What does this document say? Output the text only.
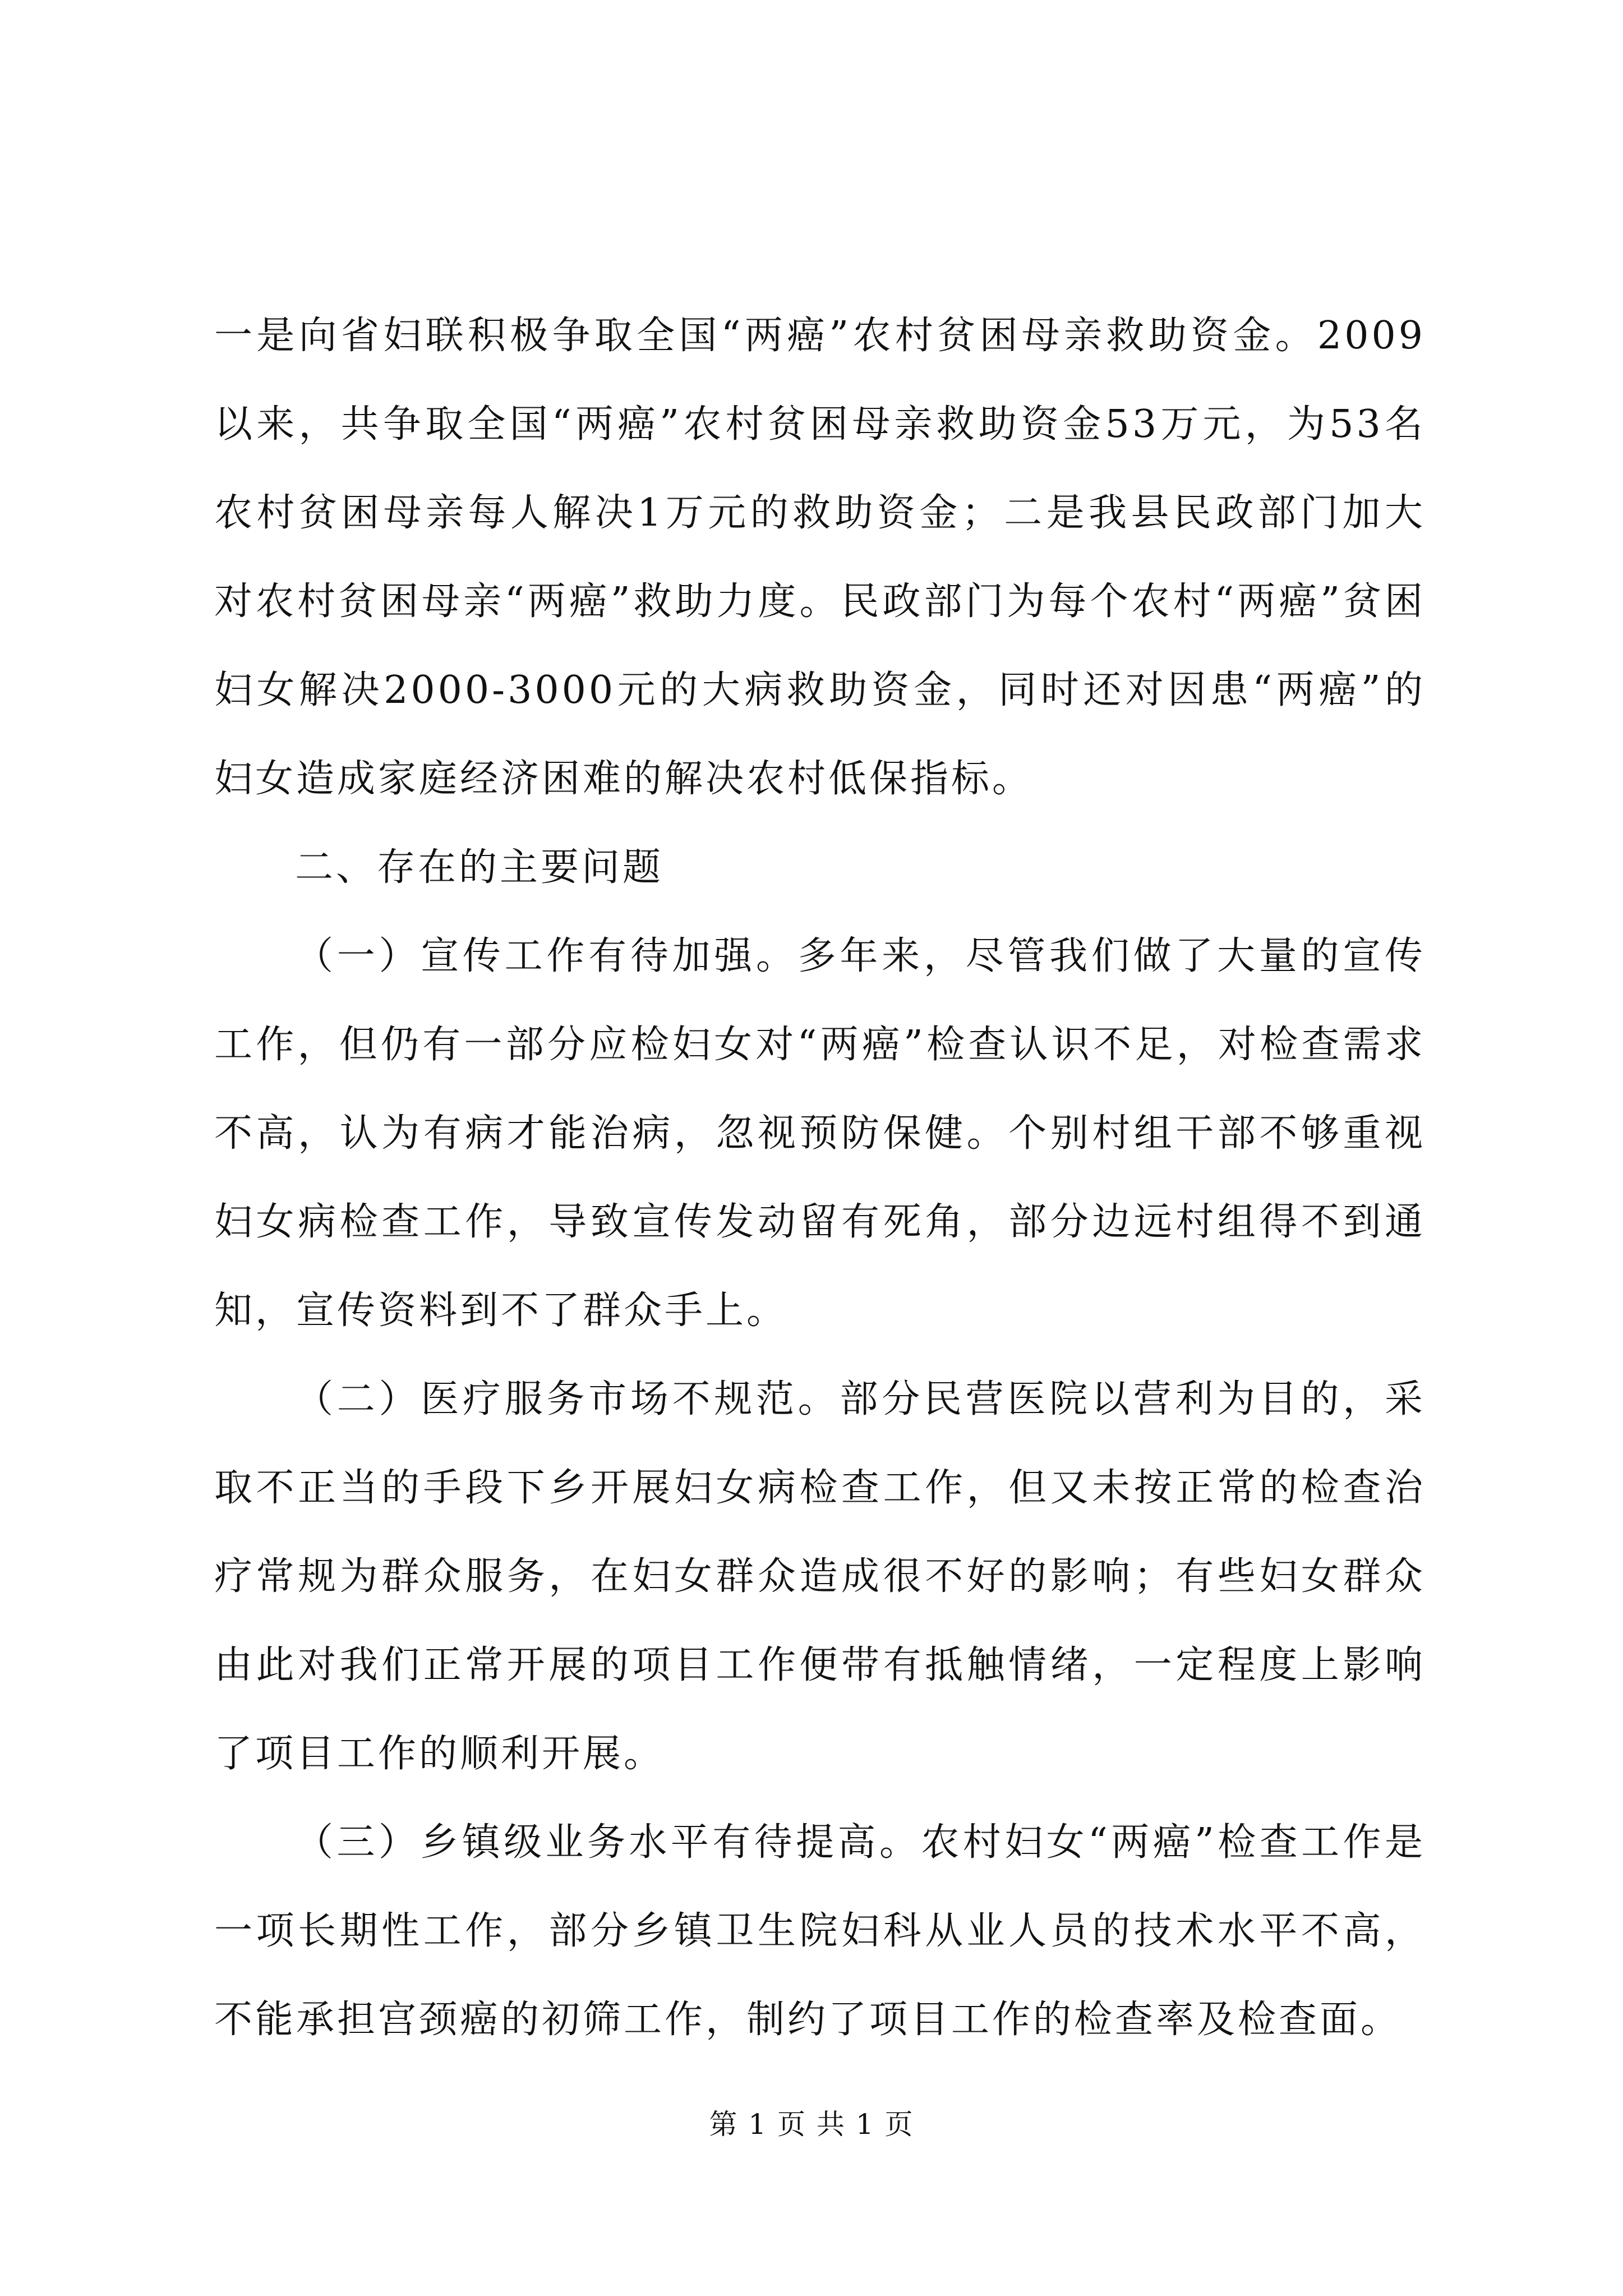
一是向省妇联积极争取全国“两癌”农村贫困母亲救助资金。2009以来，共争取全国“两癌”农村贫困母亲救助资金53万元，为53名农村贫困母亲每人解决1万元的救助资金；二是我县民政部门加大对农村贫困母亲“两癌”救助力度。民政部门为每个农村“两癌”贫困妇女解决2000-3000元的大病救助资金，同时还对因患“两癌”的妇女造成家庭经济困难的解决农村低保指标。

二、存在的主要问题

（一）宣传工作有待加强。多年来，尽管我们做了大量的宣传工作，但仍有一部分应检妇女对“两癌”检查认识不足，对检查需求不高，认为有病才能治病，忽视预防保健。个别村组干部不够重视妇女病检查工作，导致宣传发动留有死角，部分边远村组得不到通知，宣传资料到不了群众手上。

（二）医疗服务市场不规范。部分民营医院以营利为目的，采取不正当的手段下乡开展妇女病检查工作，但又未按正常的检查治疗常规为群众服务，在妇女群众造成很不好的影响；有些妇女群众由此对我们正常开展的项目工作便带有抵触情绪，一定程度上影响了项目工作的顺利开展。

（三）乡镇级业务水平有待提高。农村妇女“两癌”检查工作是一项长期性工作，部分乡镇卫生院妇科从业人员的技术水平不高，不能承担宫颈癌的初筛工作，制约了项目工作的检查率及检查面。

第 1 页 共 1 页
